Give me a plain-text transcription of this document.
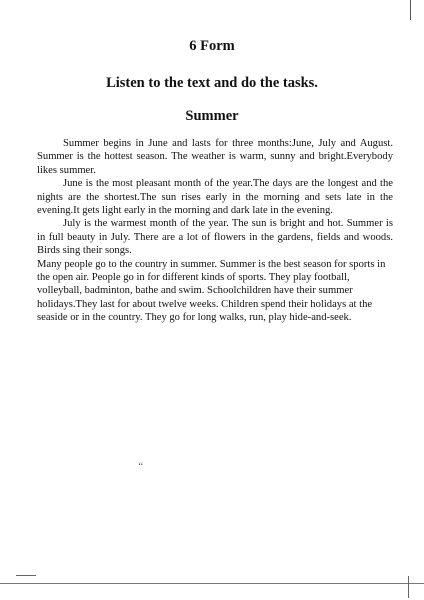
6 Form
Listen to the text and do the tasks.
Summer

Summer begins in June and lasts for three months:June, July and August. Summer is the hottest season. The weather is warm, sunny and bright.Everybody likes summer.

June is the most pleasant month of the year.The days are the longest and the nights are the shortest.The sun rises early in the morning and sets late in the evening.It gets light early in the morning and dark late in the evening.

July is the warmest month of the year. The sun is bright and hot. Summer is in full beauty in July. There are a lot of flowers in the gardens, fields and woods. Birds sing their songs.

Many people go to the country in summer. Summer is the best season for sports in the open air. People go in for different kinds of sports. They play football, volleyball, badminton, bathe and swim. Schoolchildren have their summer holidays.They last for about twelve weeks. Children spend their holidays at the seaside or in the country. They go for long walks, run, play hide-and-seek.

‘‘
